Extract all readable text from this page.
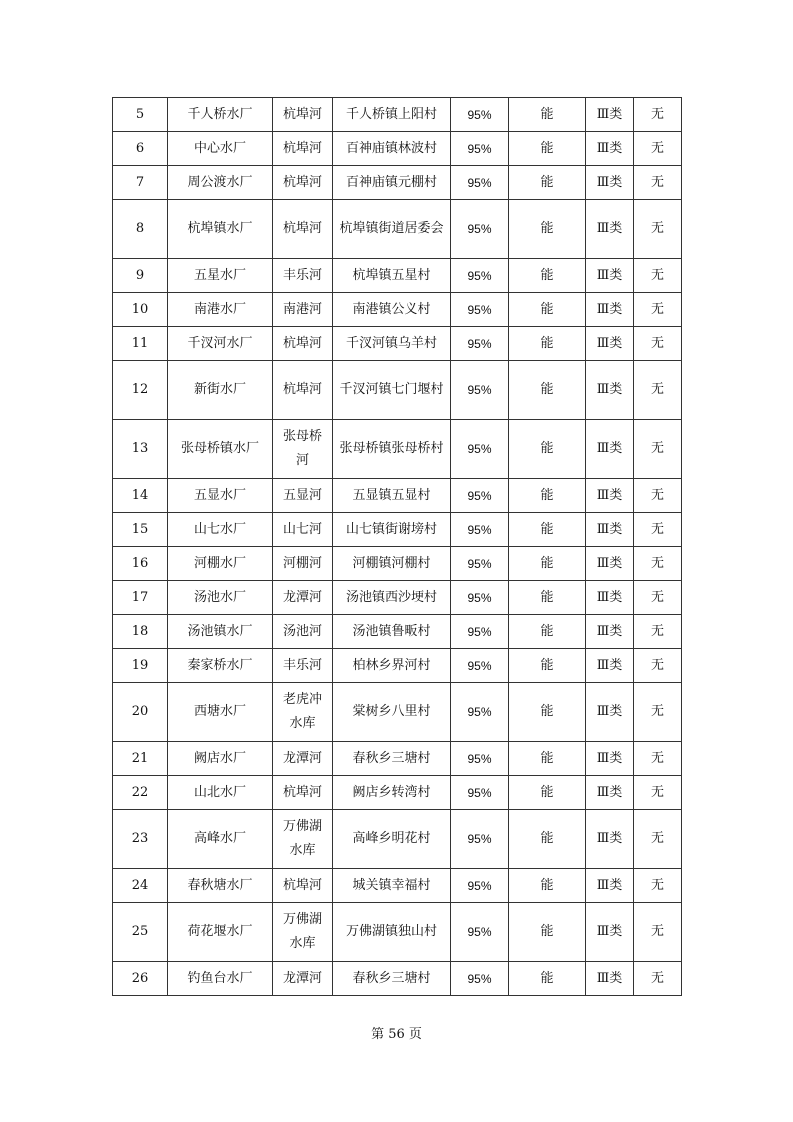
5	千人桥水厂	杭埠河	千人桥镇上阳村	95%	能	Ⅲ类	无
6	中心水厂	杭埠河	百神庙镇林波村	95%	能	Ⅲ类	无
7	周公渡水厂	杭埠河	百神庙镇元棚村	95%	能	Ⅲ类	无
8	杭埠镇水厂	杭埠河	杭埠镇街道居委会	95%	能	Ⅲ类	无
9	五星水厂	丰乐河	杭埠镇五星村	95%	能	Ⅲ类	无
10	南港水厂	南港河	南港镇公义村	95%	能	Ⅲ类	无
11	千汊河水厂	杭埠河	千汊河镇乌羊村	95%	能	Ⅲ类	无
12	新街水厂	杭埠河	千汊河镇七门堰村	95%	能	Ⅲ类	无
13	张母桥镇水厂	张母桥河	张母桥镇张母桥村	95%	能	Ⅲ类	无
14	五显水厂	五显河	五显镇五显村	95%	能	Ⅲ类	无
15	山七水厂	山七河	山七镇街谢塝村	95%	能	Ⅲ类	无
16	河棚水厂	河棚河	河棚镇河棚村	95%	能	Ⅲ类	无
17	汤池水厂	龙潭河	汤池镇西沙埂村	95%	能	Ⅲ类	无
18	汤池镇水厂	汤池河	汤池镇鲁畈村	95%	能	Ⅲ类	无
19	秦家桥水厂	丰乐河	柏林乡界河村	95%	能	Ⅲ类	无
20	西塘水厂	老虎冲水库	棠树乡八里村	95%	能	Ⅲ类	无
21	阙店水厂	龙潭河	春秋乡三塘村	95%	能	Ⅲ类	无
22	山北水厂	杭埠河	阙店乡转湾村	95%	能	Ⅲ类	无
23	高峰水厂	万佛湖水库	高峰乡明花村	95%	能	Ⅲ类	无
24	春秋塘水厂	杭埠河	城关镇幸福村	95%	能	Ⅲ类	无
25	荷花堰水厂	万佛湖水库	万佛湖镇独山村	95%	能	Ⅲ类	无
26	钓鱼台水厂	龙潭河	春秋乡三塘村	95%	能	Ⅲ类	无
第 56 页
